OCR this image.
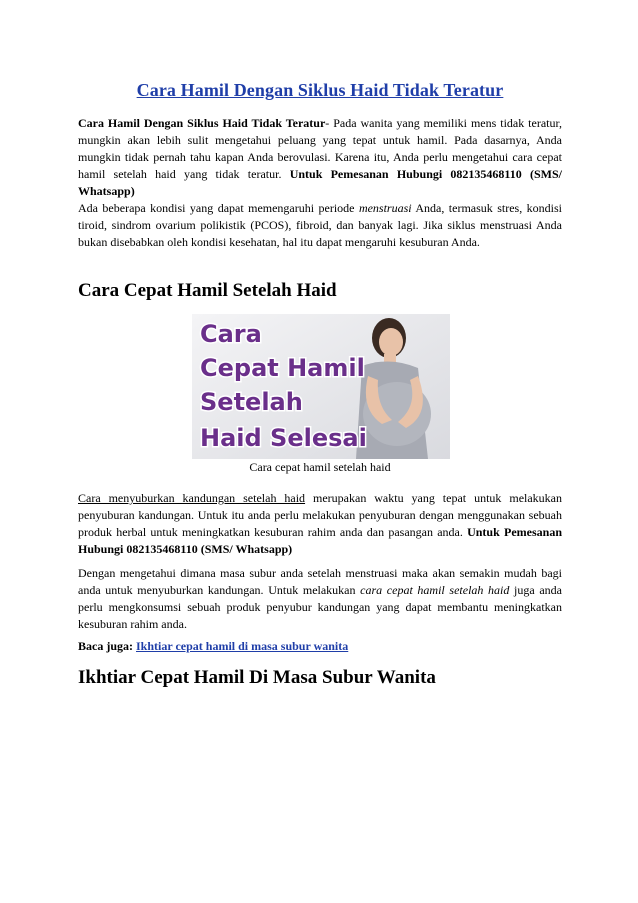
Cara Hamil Dengan Siklus Haid Tidak Teratur
Cara Hamil Dengan Siklus Haid Tidak Teratur- Pada wanita yang memiliki mens tidak teratur, mungkin akan lebih sulit mengetahui peluang yang tepat untuk hamil. Pada dasarnya, Anda mungkin tidak pernah tahu kapan Anda berovulasi. Karena itu, Anda perlu mengetahui cara cepat hamil setelah haid yang tidak teratur. Untuk Pemesanan Hubungi 082135468110 (SMS/ Whatsapp)
Ada beberapa kondisi yang dapat memengaruhi periode menstruasi Anda, termasuk stres, kondisi tiroid, sindrom ovarium polikistik (PCOS), fibroid, dan banyak lagi. Jika siklus menstruasi Anda bukan disebabkan oleh kondisi kesehatan, hal itu dapat mengaruhi kesuburan Anda.
Cara Cepat Hamil Setelah Haid
Cara
Cepat Hamil
Setelah
Haid Selesai
Cara cepat hamil setelah haid
Cara menyuburkan kandungan setelah haid merupakan waktu yang tepat untuk melakukan penyuburan kandungan. Untuk itu anda perlu melakukan penyuburan dengan menggunakan sebuah produk herbal untuk meningkatkan kesuburan rahim anda dan pasangan anda. Untuk Pemesanan Hubungi 082135468110 (SMS/ Whatsapp)
Dengan mengetahui dimana masa subur anda setelah menstruasi maka akan semakin mudah bagi anda untuk menyuburkan kandungan. Untuk melakukan cara cepat hamil setelah haid juga anda perlu mengkonsumsi sebuah produk penyubur kandungan yang dapat membantu meningkatkan kesuburan rahim anda.
Baca juga: Ikhtiar cepat hamil di masa subur wanita
Ikhtiar Cepat Hamil Di Masa Subur Wanita
